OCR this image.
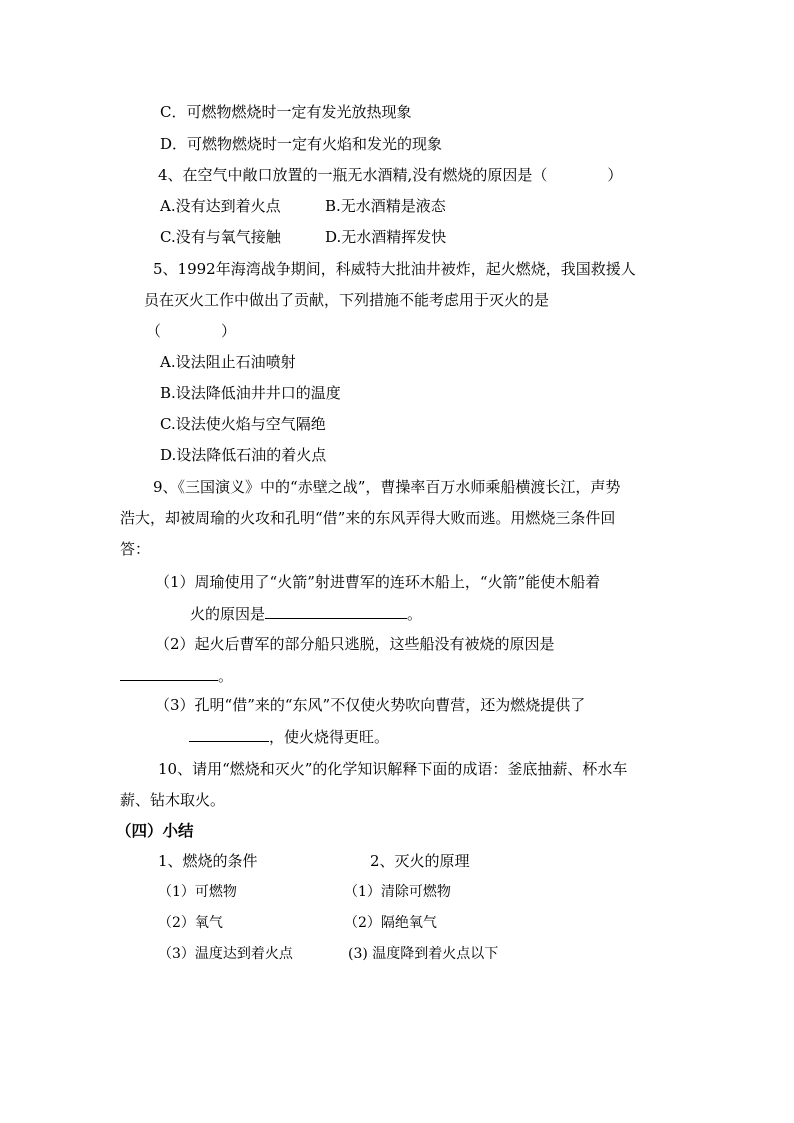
C．可燃物燃烧时一定有发光放热现象
D．可燃物燃烧时一定有火焰和发光的现象
4、在空气中敞口放置的一瓶无水酒精,没有燃烧的原因是（　　　　）
A.没有达到着火点	B.无水酒精是液态
C.没有与氧气接触	D.无水酒精挥发快
5、1992年海湾战争期间，科威特大批油井被炸，起火燃烧，我国救援人
员在灭火工作中做出了贡献，下列措施不能考虑用于灭火的是
（　　　　）
A.设法阻止石油喷射
B.设法降低油井井口的温度
C.设法使火焰与空气隔绝
D.设法降低石油的着火点
9、《三国演义》中的“赤壁之战”，曹操率百万水师乘船横渡长江，声势
浩大，却被周瑜的火攻和孔明“借”来的东风弄得大败而逃。用燃烧三条件回
答：
（1）周瑜使用了“火箭”射进曹军的连环木船上，“火箭”能使木船着
火的原因是	。
（2）起火后曹军的部分船只逃脱，这些船没有被烧的原因是
。
（3）孔明“借”来的“东风”不仅使火势吹向曹营，还为燃烧提供了
，使火烧得更旺。
10、请用“燃烧和灭火”的化学知识解释下面的成语：釜底抽薪、杯水车
薪、钻木取火。
（四）小结
1、燃烧的条件	2、灭火的原理
（1）可燃物	（1）清除可燃物
（2）氧气	（2）隔绝氧气
（3）温度达到着火点	(3) 温度降到着火点以下
